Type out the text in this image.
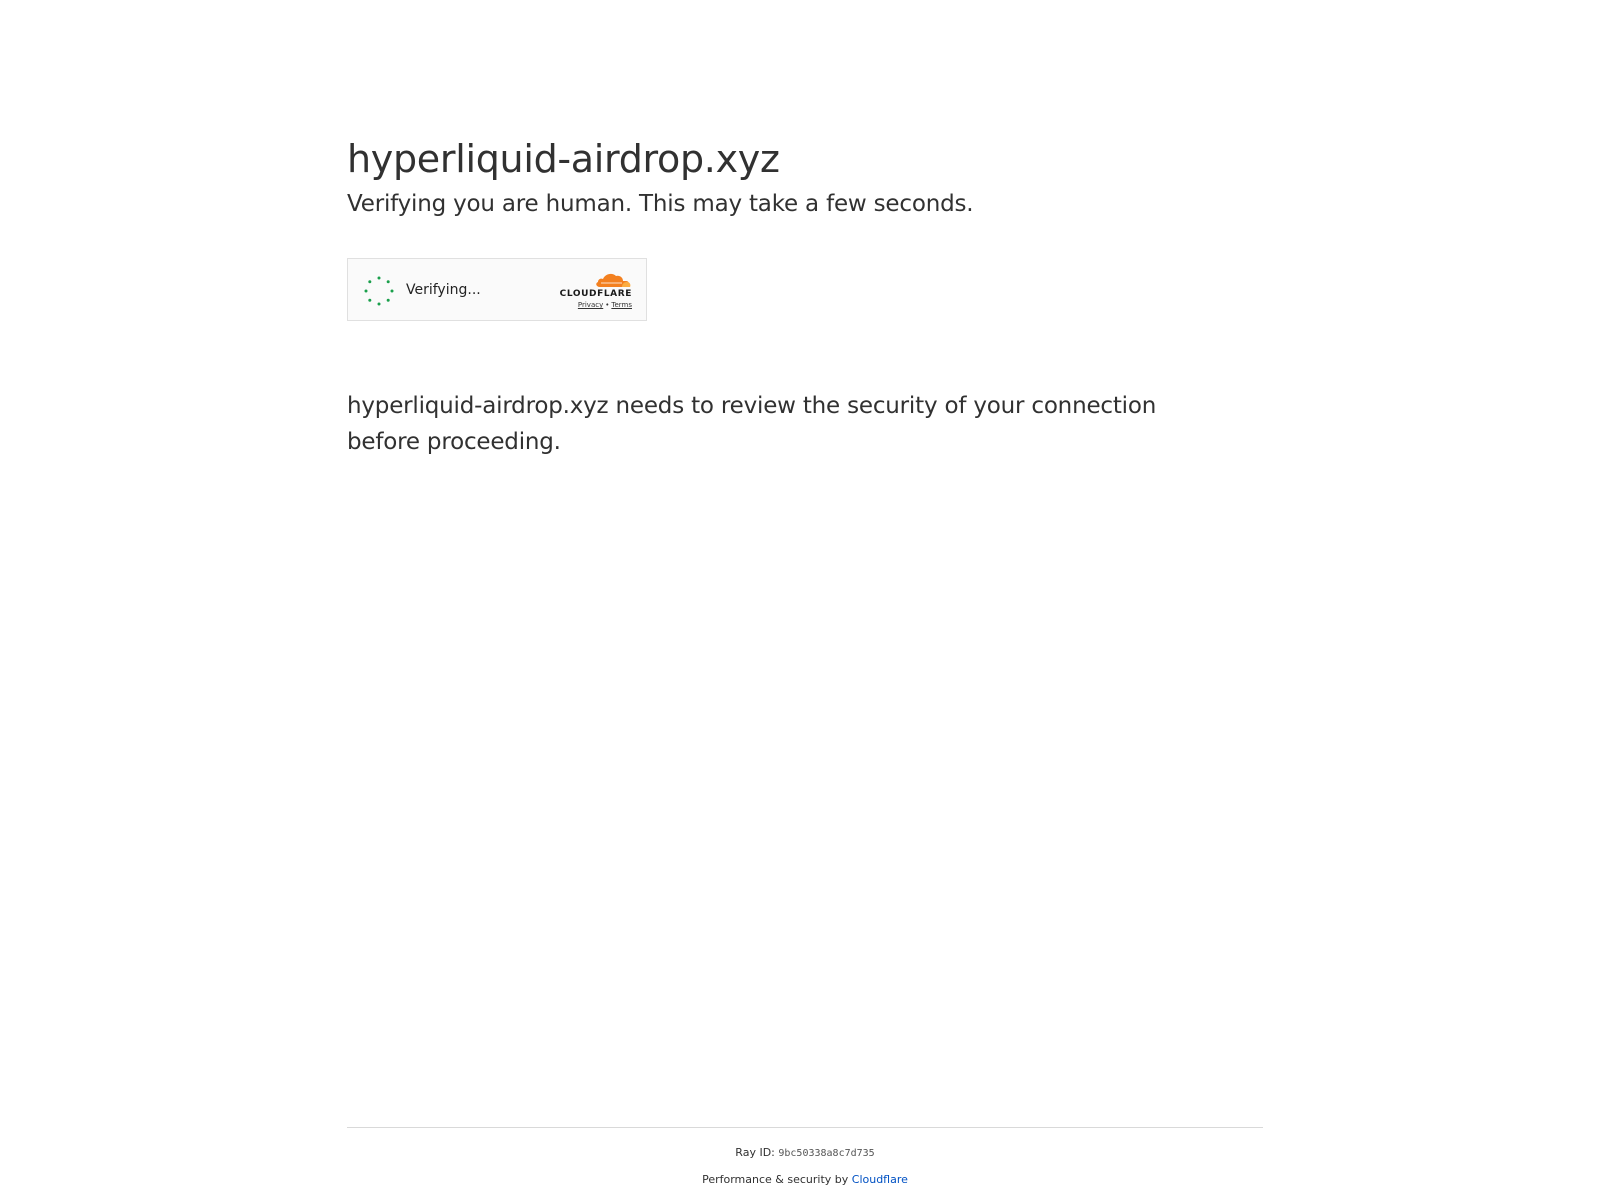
hyperliquid-airdrop.xyz

Verifying you are human. This may take a few seconds.

Verifying...	CLOUDFLARE
Privacy • Terms

hyperliquid-airdrop.xyz needs to review the security of your connection before proceeding.

Ray ID: 9bc50338a8c7d735
Performance & security by Cloudflare
